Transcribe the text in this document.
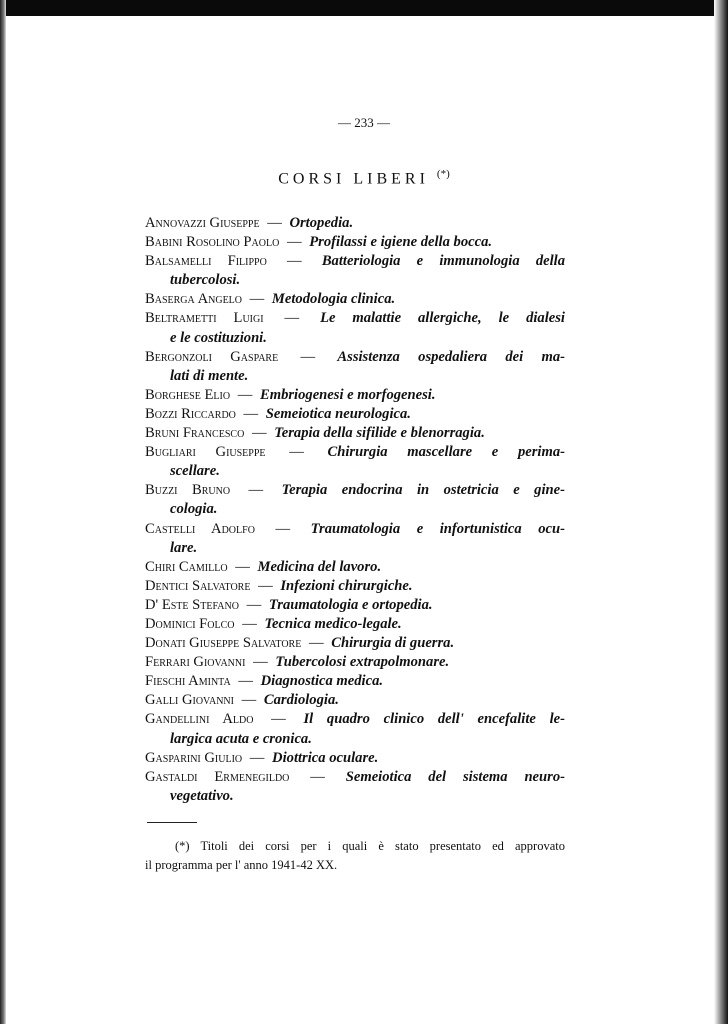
— 233 —
CORSI LIBERI (*)
Annovazzi Giuseppe — Ortopedia.
Babini Rosolino Paolo — Profilassi e igiene della bocca.
Balsamelli Filippo — Batteriologia e immunologia della
tubercolosi.
Baserga Angelo — Metodologia clinica.
Beltrametti Luigi — Le malattie allergiche, le dialesi
e le costituzioni.
Bergonzoli Gaspare — Assistenza ospedaliera dei ma-
lati di mente.
Borghese Elio — Embriogenesi e morfogenesi.
Bozzi Riccardo — Semeiotica neurologica.
Bruni Francesco — Terapia della sifilide e blenorragia.
Bugliari Giuseppe — Chirurgia mascellare e perima-
scellare.
Buzzi Bruno — Terapia endocrina in ostetricia e gine-
cologia.
Castelli Adolfo — Traumatologia e infortunistica ocu-
lare.
Chiri Camillo — Medicina del lavoro.
Dentici Salvatore — Infezioni chirurgiche.
D' Este Stefano — Traumatologia e ortopedia.
Dominici Folco — Tecnica medico-legale.
Donati Giuseppe Salvatore — Chirurgia di guerra.
Ferrari Giovanni — Tubercolosi extrapolmonare.
Fieschi Aminta — Diagnostica medica.
Galli Giovanni — Cardiologia.
Gandellini Aldo — Il quadro clinico dell' encefalite le-
largica acuta e cronica.
Gasparini Giulio — Diottrica oculare.
Gastaldi Ermenegildo — Semeiotica del sistema neuro-
vegetativo.
(*) Titoli dei corsi per i quali è stato presentato ed approvato
il programma per l' anno 1941-42 XX.
